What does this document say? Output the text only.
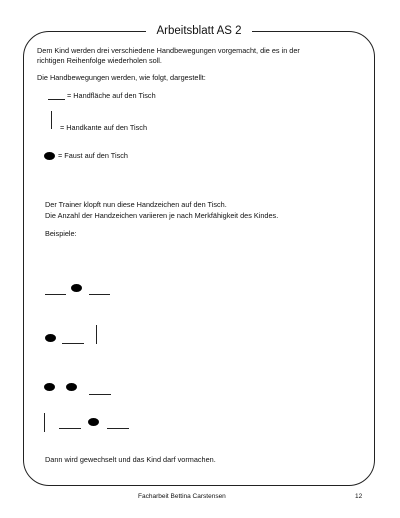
Arbeitsblatt AS 2
Dem Kind werden drei verschiedene Handbewegungen vorgemacht, die es in der
richtigen Reihenfolge wiederholen soll.
Die Handbewegungen werden, wie folgt, dargestellt:
= Handfläche auf den Tisch
= Handkante auf den Tisch
= Faust auf den Tisch
Der Trainer klopft nun diese Handzeichen auf den Tisch.
Die Anzahl der Handzeichen variieren je nach Merkfähigkeit des Kindes.
Beispiele:
Dann wird gewechselt und das Kind darf vormachen.
Facharbeit Bettina Carstensen	12
